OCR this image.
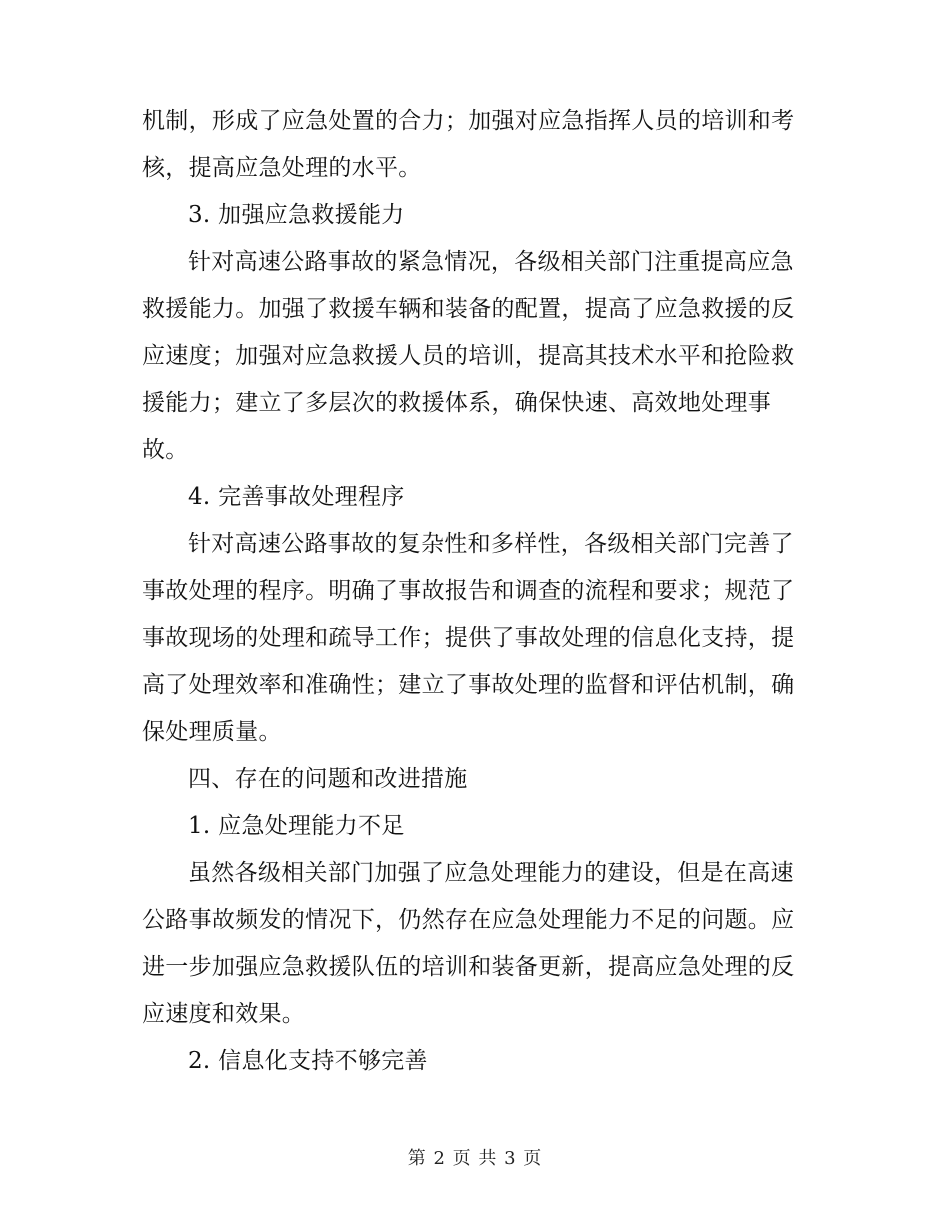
机制，形成了应急处置的合力；加强对应急指挥人员的培训和考
核，提高应急处理的水平。
3. 加强应急救援能力
针对高速公路事故的紧急情况，各级相关部门注重提高应急
救援能力。加强了救援车辆和装备的配置，提高了应急救援的反
应速度；加强对应急救援人员的培训，提高其技术水平和抢险救
援能力；建立了多层次的救援体系，确保快速、高效地处理事
故。
4. 完善事故处理程序
针对高速公路事故的复杂性和多样性，各级相关部门完善了
事故处理的程序。明确了事故报告和调查的流程和要求；规范了
事故现场的处理和疏导工作；提供了事故处理的信息化支持，提
高了处理效率和准确性；建立了事故处理的监督和评估机制，确
保处理质量。
四、存在的问题和改进措施
1. 应急处理能力不足
虽然各级相关部门加强了应急处理能力的建设，但是在高速
公路事故频发的情况下，仍然存在应急处理能力不足的问题。应
进一步加强应急救援队伍的培训和装备更新，提高应急处理的反
应速度和效果。
2. 信息化支持不够完善
第 2 页 共 3 页
